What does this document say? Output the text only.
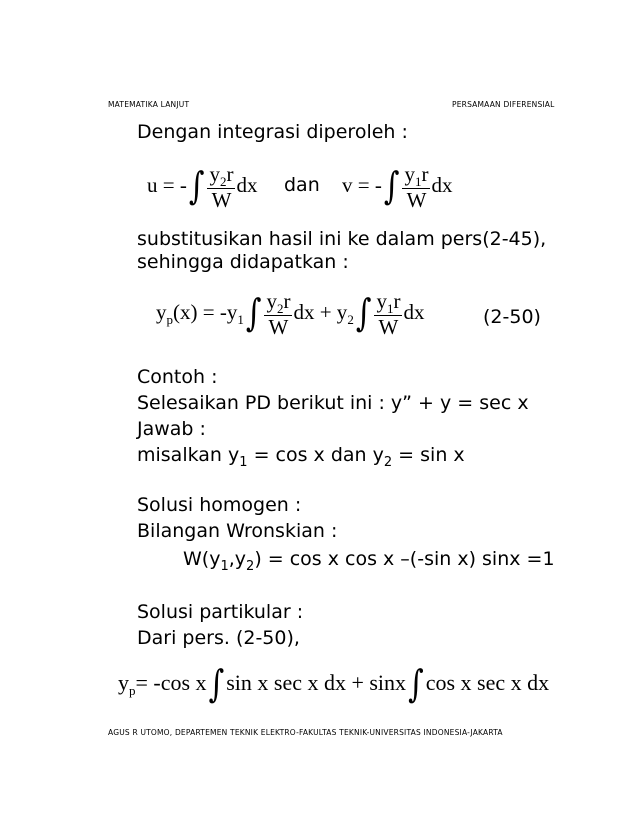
MATEMATIKA LANJUT	PERSAMAAN DIFERENSIAL
Dengan integrasi diperoleh :
u = -∫ $\frac{y_2r}{W}$ dx dan v = -∫ $\frac{y_1r}{W}$ dx
substitusikan hasil ini ke dalam pers(2-45),
sehingga didapatkan :
$y_p(x) = -y_1\int \frac{y_2r}{W}$ dx + $y_2\int \frac{y_1r}{W}$ dx	(2-50)
Contoh :
Selesaikan PD berikut ini : y” + y = sec x
Jawab :
misalkan $y_1 = \cos x$ dan $y_2 = \sin x$
Solusi homogen :
Bilangan Wronskian :
$W(y_1,y_2) = \cos x$ cos x –(-sin x) sinx =1
Solusi partikular :
Dari pers. (2-50),
$y_p= -\cos$ x∫sin x sec x dx + sinx∫cos x sec x dx
AGUS R UTOMO, DEPARTEMEN TEKNIK ELEKTRO-FAKULTAS TEKNIK-UNIVERSITAS INDONESIA-JAKARTA
